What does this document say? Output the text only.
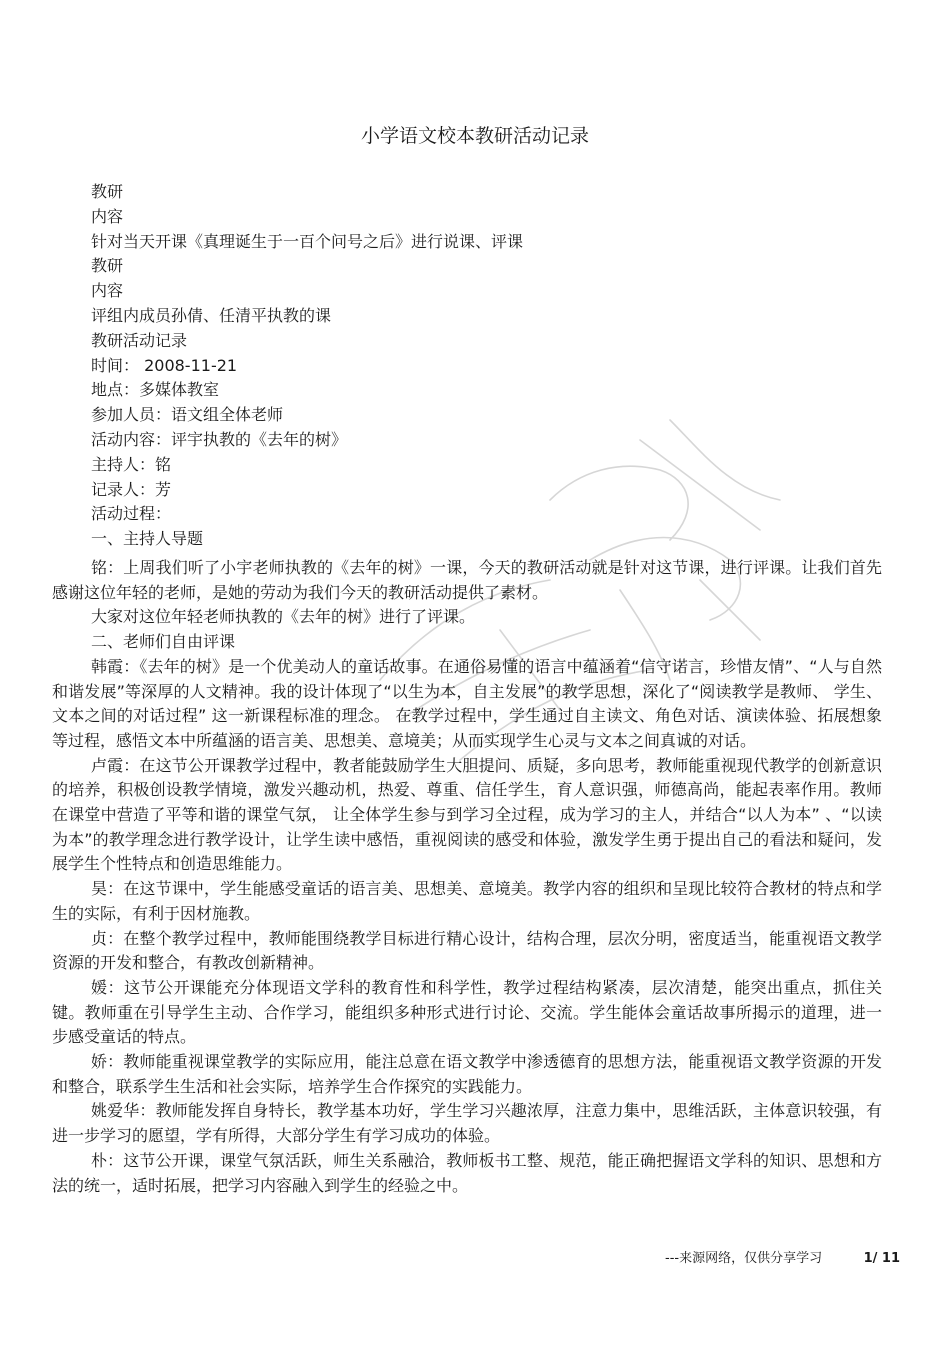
小学语文校本教研活动记录
教研
内容
针对当天开课《真理诞生于一百个问号之后》进行说课、评课
教研
内容
评组内成员孙倩、任清平执教的课
教研活动记录
时间： 2008-11-21
地点：多媒体教室
参加人员：语文组全体老师
活动内容：评宇执教的《去年的树》
主持人：铭
记录人：芳
活动过程：
一、主持人导题

铭：上周我们听了小宇老师执教的《去年的树》一课，今天的教研活动就是针对这节课，进行评课。让我们首先感谢这位年轻的老师，是她的劳动为我们今天的教研活动提供了素材。

大家对这位年轻老师执教的《去年的树》进行了评课。

二、老师们自由评课

韩霞：《去年的树》是一个优美动人的童话故事。在通俗易懂的语言中蕴涵着“信守诺言，珍惜友情”、“人与自然和谐发展”等深厚的人文精神。我的设计体现了“以生为本，自主发展”的教学思想，深化了“阅读教学是教师、 学生、文本之间的对话过程” 这一新课程标准的理念。 在教学过程中，学生通过自主读文、角色对话、演读体验、拓展想象等过程，感悟文本中所蕴涵的语言美、思想美、意境美；从而实现学生心灵与文本之间真诚的对话。

卢霞：在这节公开课教学过程中，教者能鼓励学生大胆提问、质疑，多向思考，教师能重视现代教学的创新意识的培养，积极创设教学情境，激发兴趣动机，热爱、尊重、信任学生，育人意识强，师德高尚，能起表率作用。教师在课堂中营造了平等和谐的课堂气氛， 让全体学生参与到学习全过程，成为学习的主人，并结合“以人为本” 、“以读为本”的教学理念进行教学设计，让学生读中感悟，重视阅读的感受和体验，激发学生勇于提出自己的看法和疑问，发展学生个性特点和创造思维能力。

昊：在这节课中，学生能感受童话的语言美、思想美、意境美。教学内容的组织和呈现比较符合教材的特点和学生的实际，有利于因材施教。

贞：在整个教学过程中，教师能围绕教学目标进行精心设计，结构合理，层次分明，密度适当，能重视语文教学资源的开发和整合，有教改创新精神。

媛：这节公开课能充分体现语文学科的教育性和科学性，教学过程结构紧凑，层次清楚，能突出重点，抓住关键。教师重在引导学生主动、合作学习，能组织多种形式进行讨论、交流。学生能体会童话故事所揭示的道理，进一步感受童话的特点。

娇：教师能重视课堂教学的实际应用，能注总意在语文教学中渗透德育的思想方法，能重视语文教学资源的开发和整合，联系学生生活和社会实际，培养学生合作探究的实践能力。

姚爱华：教师能发挥自身特长，教学基本功好，学生学习兴趣浓厚，注意力集中，思维活跃，主体意识较强，有进一步学习的愿望，学有所得，大部分学生有学习成功的体验。

朴：这节公开课，课堂气氛活跃，师生关系融洽，教师板书工整、规范，能正确把握语文学科的知识、思想和方法的统一，适时拓展，把学习内容融入到学生的经验之中。

---来源网络，仅供分享学习	1/ 11
